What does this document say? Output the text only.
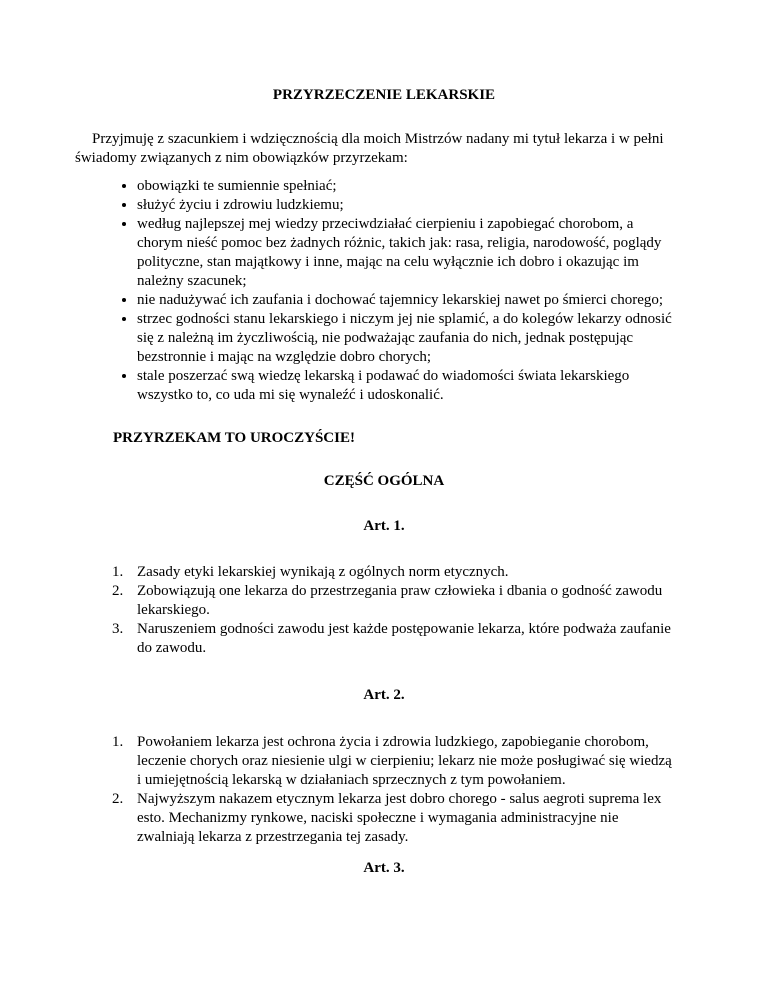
PRZYRZECZENIE LEKARSKIE

Przyjmuję z szacunkiem i wdzięcznością dla moich Mistrzów nadany mi tytuł lekarza i w pełni świadomy związanych z nim obowiązków przyrzekam:

• obowiązki te sumiennie spełniać;
• służyć życiu i zdrowiu ludzkiemu;
• według najlepszej mej wiedzy przeciwdziałać cierpieniu i zapobiegać chorobom, a chorym nieść pomoc bez żadnych różnic, takich jak: rasa, religia, narodowość, poglądy polityczne, stan majątkowy i inne, mając na celu wyłącznie ich dobro i okazując im należny szacunek;
• nie nadużywać ich zaufania i dochować tajemnicy lekarskiej nawet po śmierci chorego;
• strzec godności stanu lekarskiego i niczym jej nie splamić, a do kolegów lekarzy odnosić się z należną im życzliwością, nie podważając zaufania do nich, jednak postępując bezstronnie i mając na względzie dobro chorych;
• stale poszerzać swą wiedzę lekarską i podawać do wiadomości świata lekarskiego wszystko to, co uda mi się wynaleźć i udoskonalić.

PRZYRZEKAM TO UROCZYŚCIE!

CZĘŚĆ OGÓLNA
Art. 1.
1. Zasady etyki lekarskiej wynikają z ogólnych norm etycznych.
2. Zobowiązują one lekarza do przestrzegania praw człowieka i dbania o godność zawodu lekarskiego.
3. Naruszeniem godności zawodu jest każde postępowanie lekarza, które podważa zaufanie do zawodu.
Art. 2.
1. Powołaniem lekarza jest ochrona życia i zdrowia ludzkiego, zapobieganie chorobom, leczenie chorych oraz niesienie ulgi w cierpieniu; lekarz nie może posługiwać się wiedzą i umiejętnością lekarską w działaniach sprzecznych z tym powołaniem.
2. Najwyższym nakazem etycznym lekarza jest dobro chorego - salus aegroti suprema lex esto. Mechanizmy rynkowe, naciski społeczne i wymagania administracyjne nie zwalniają lekarza z przestrzegania tej zasady.
Art. 3.
